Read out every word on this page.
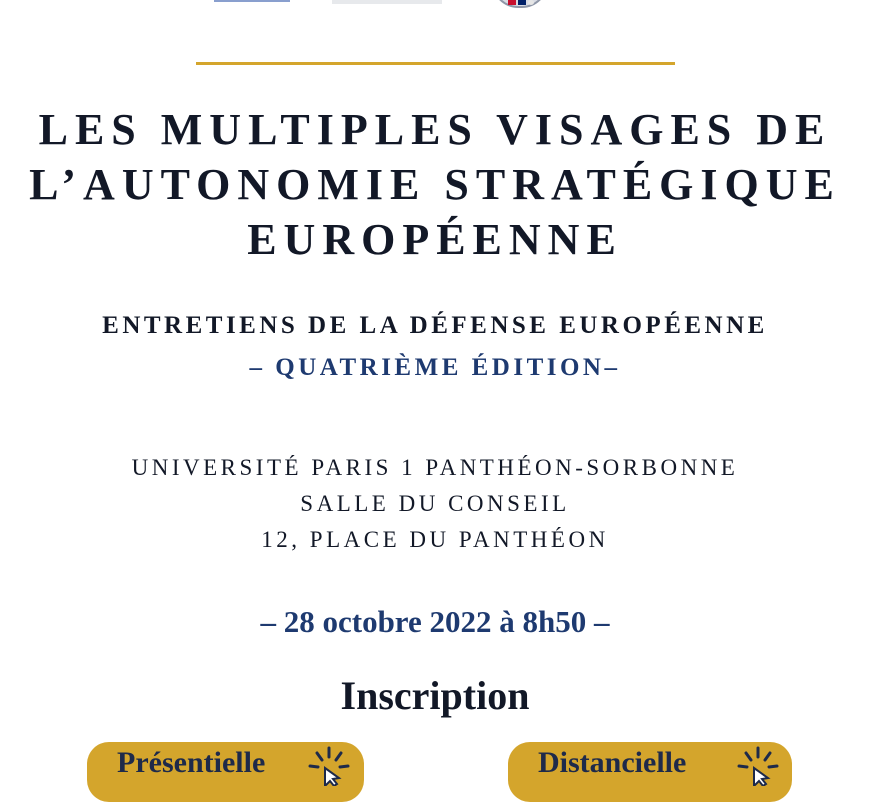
LES MULTIPLES VISAGES DE
L’AUTONOMIE STRATÉGIQUE
EUROPÉENNE
ENTRETIENS DE LA DÉFENSE EUROPÉENNE
– QUATRIÈME ÉDITION–
UNIVERSITÉ PARIS 1 PANTHÉON-SORBONNE
SALLE DU CONSEIL
12, PLACE DU PANTHÉON
– 28 octobre 2022 à 8h50 –
Inscription
Présentielle	Distancielle
